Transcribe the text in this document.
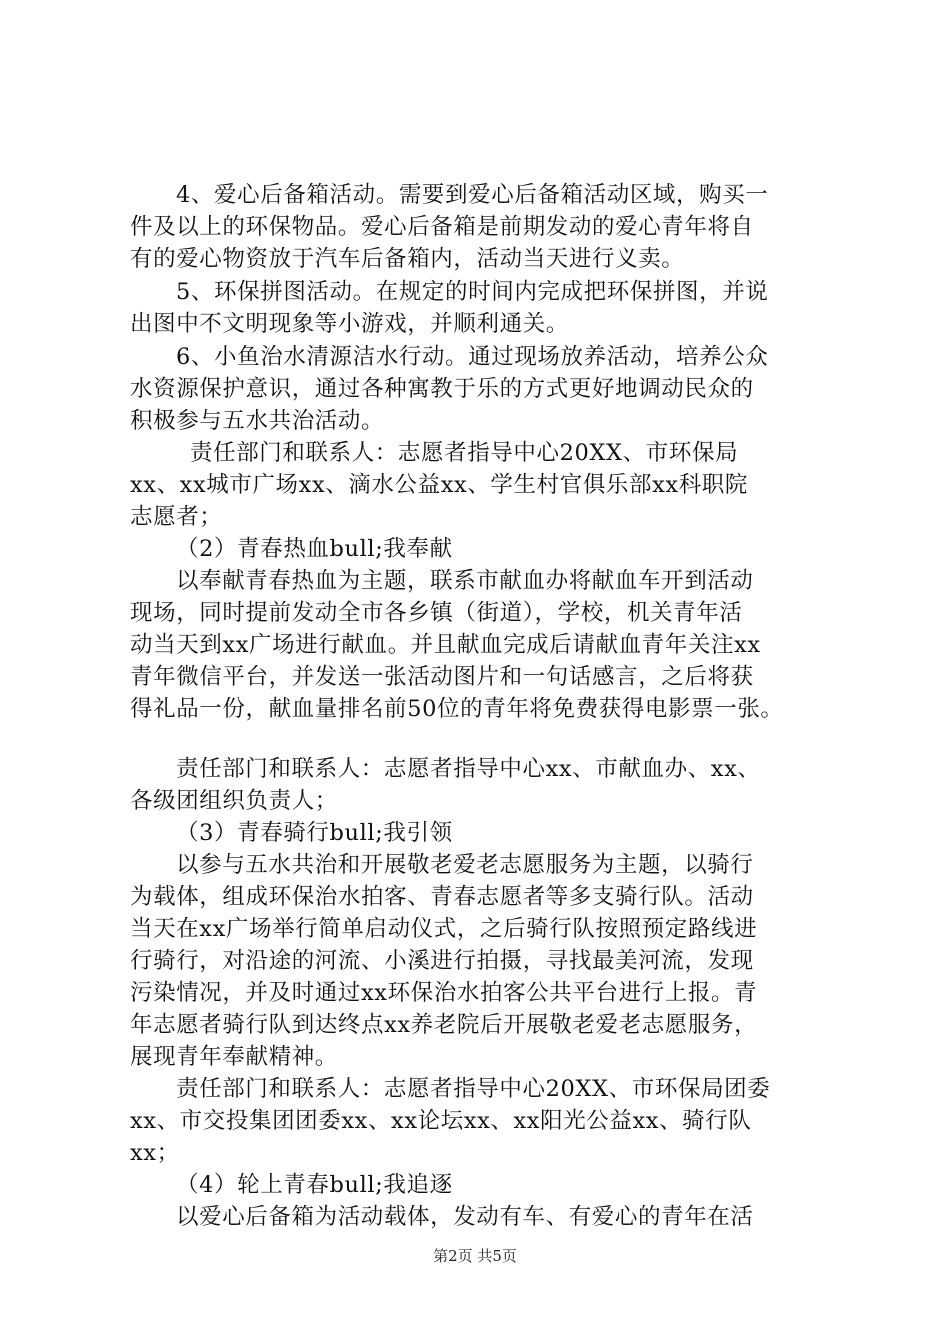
4、爱心后备箱活动。需要到爱心后备箱活动区域，购买一
件及以上的环保物品。爱心后备箱是前期发动的爱心青年将自
有的爱心物资放于汽车后备箱内，活动当天进行义卖。
5、环保拼图活动。在规定的时间内完成把环保拼图，并说
出图中不文明现象等小游戏，并顺利通关。
6、小鱼治水清源洁水行动。通过现场放养活动，培养公众
水资源保护意识，通过各种寓教于乐的方式更好地调动民众的
积极参与五水共治活动。
责任部门和联系人：志愿者指导中心20XX、市环保局
xx、xx城市广场xx、滴水公益xx、学生村官俱乐部xx科职院
志愿者；
（2）青春热血bull;我奉献
以奉献青春热血为主题，联系市献血办将献血车开到活动
现场，同时提前发动全市各乡镇（街道），学校，机关青年活
动当天到xx广场进行献血。并且献血完成后请献血青年关注xx
青年微信平台，并发送一张活动图片和一句话感言，之后将获
得礼品一份，献血量排名前50位的青年将免费获得电影票一张。
责任部门和联系人：志愿者指导中心xx、市献血办、xx、
各级团组织负责人；
（3）青春骑行bull;我引领
以参与五水共治和开展敬老爱老志愿服务为主题，以骑行
为载体，组成环保治水拍客、青春志愿者等多支骑行队。活动
当天在xx广场举行简单启动仪式，之后骑行队按照预定路线进
行骑行，对沿途的河流、小溪进行拍摄，寻找最美河流，发现
污染情况，并及时通过xx环保治水拍客公共平台进行上报。青
年志愿者骑行队到达终点xx养老院后开展敬老爱老志愿服务，
展现青年奉献精神。
责任部门和联系人：志愿者指导中心20XX、市环保局团委
xx、市交投集团团委xx、xx论坛xx、xx阳光公益xx、骑行队
xx；
（4）轮上青春bull;我追逐
以爱心后备箱为活动载体，发动有车、有爱心的青年在活
第2页 共5页
